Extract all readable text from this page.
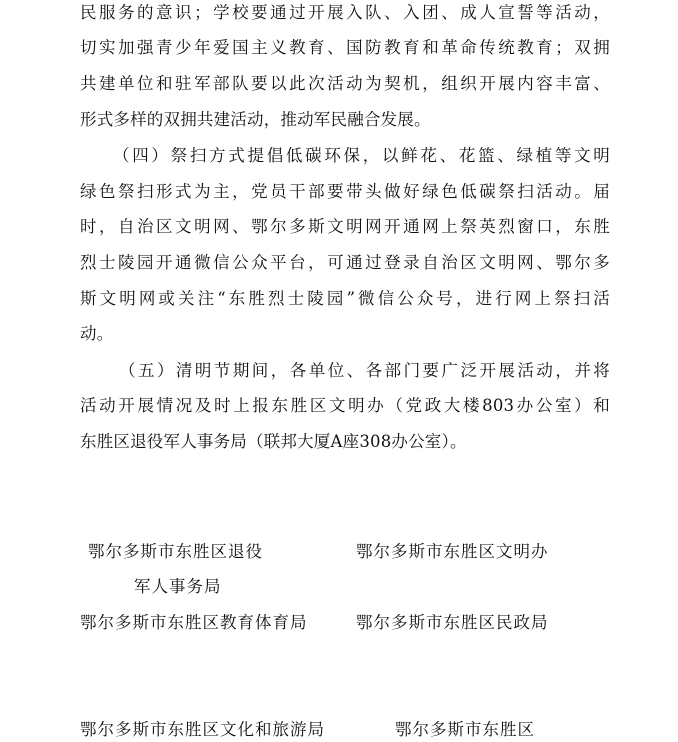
民服务的意识；学校要通过开展入队、入团、成人宣誓等活动，
切实加强青少年爱国主义教育、国防教育和革命传统教育；双拥
共建单位和驻军部队要以此次活动为契机，组织开展内容丰富、
形式多样的双拥共建活动，推动军民融合发展。
（四）祭扫方式提倡低碳环保，以鲜花、花篮、绿植等文明
绿色祭扫形式为主，党员干部要带头做好绿色低碳祭扫活动。届
时，自治区文明网、鄂尔多斯文明网开通网上祭英烈窗口，东胜
烈士陵园开通微信公众平台，可通过登录自治区文明网、鄂尔多
斯文明网或关注“东胜烈士陵园”微信公众号，进行网上祭扫活
动。
（五）清明节期间，各单位、各部门要广泛开展活动，并将
活动开展情况及时上报东胜区文明办（党政大楼803办公室）和
东胜区退役军人事务局（联邦大厦A座308办公室）。
鄂尔多斯市东胜区退役
军人事务局
鄂尔多斯市东胜区文明办
鄂尔多斯市东胜区教育体育局	鄂尔多斯市东胜区民政局
鄂尔多斯市东胜区文化和旅游局	鄂尔多斯市东胜区
